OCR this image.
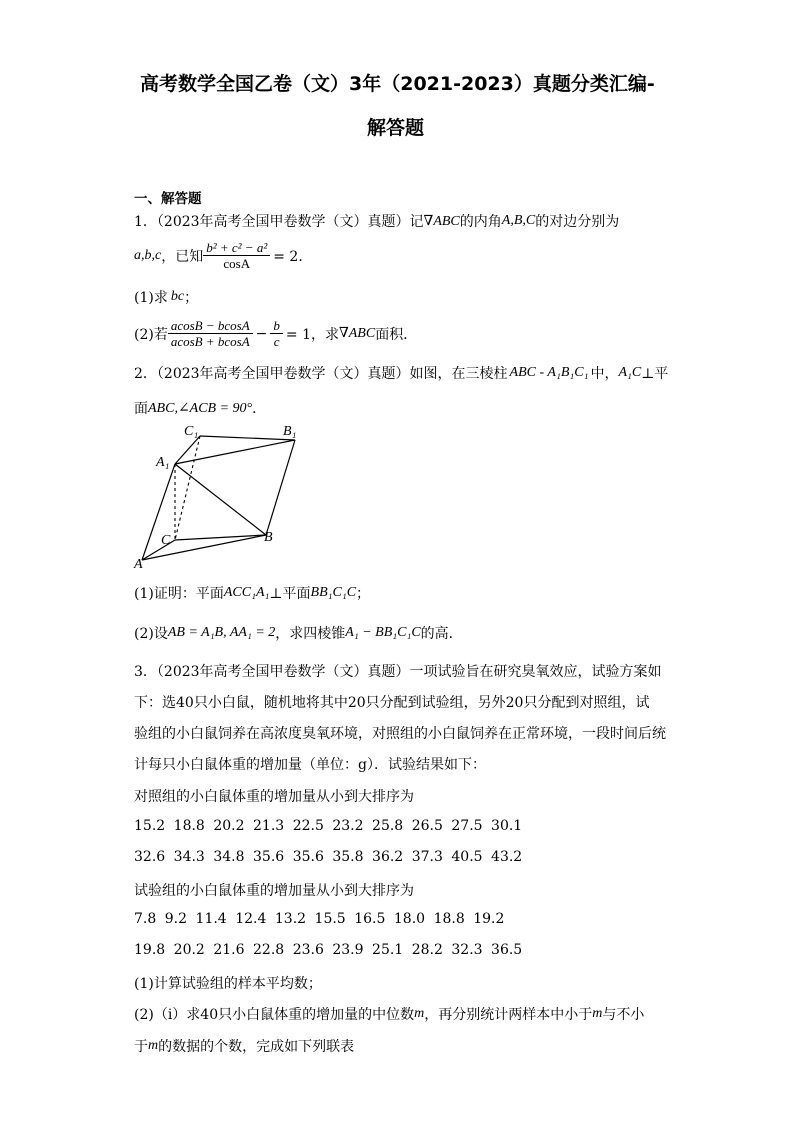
高考数学全国乙卷（文）3年（2021-2023）真题分类汇编-
解答题
一、解答题
1．（2023年高考全国甲卷数学（文）真题）记 ∇ABC 的内角 A,B,C 的对边分别为
a,b,c ，已知 $\frac{\text{b² + c² − a²}}{\cos A} = 2$．
(1)求 bc ；
(2)若 $\frac{acosB - bcosA}{acosB + bcosA} - \frac{b}{c} = 1$，求 ∇ABC 面积．
2．（2023年高考全国甲卷数学（文）真题）如图，在三棱柱 ABC - A₁B₁C₁ 中， A₁C ⊥平
面 ABC,∠ACB = 90° ．
C₁	B₁
A₁
C
A
B
(1)证明：平面 ACC₁A₁ ⊥平面 BB₁C₁C ；
(2)设 AB = A₁B, AA₁ = 2 ，求四棱锥 A₁ − BB₁C₁C 的高．
3．（2023年高考全国甲卷数学（文）真题）一项试验旨在研究臭氧效应，试验方案如
下：选40只小白鼠，随机地将其中20只分配到试验组，另外20只分配到对照组，试
验组的小白鼠饲养在高浓度臭氧环境，对照组的小白鼠饲养在正常环境，一段时间后统
计每只小白鼠体重的增加量（单位：g）．试验结果如下：
对照组的小白鼠体重的增加量从小到大排序为
15.2 18.8 20.2 21.3 22.5 23.2 25.8 26.5 27.5 30.1
32.6 34.3 34.8 35.6 35.6 35.8 36.2 37.3 40.5 43.2
试验组的小白鼠体重的增加量从小到大排序为
7.8 9.2 11.4 12.4 13.2 15.5 16.5 18.0 18.8 19.2
19.8 20.2 21.6 22.8 23.6 23.9 25.1 28.2 32.3 36.5
(1)计算试验组的样本平均数；
(2)（ⅰ）求40只小白鼠体重的增加量的中位数 m ，再分别统计两样本中小于 m 与不小
于 m 的数据的个数，完成如下列联表
